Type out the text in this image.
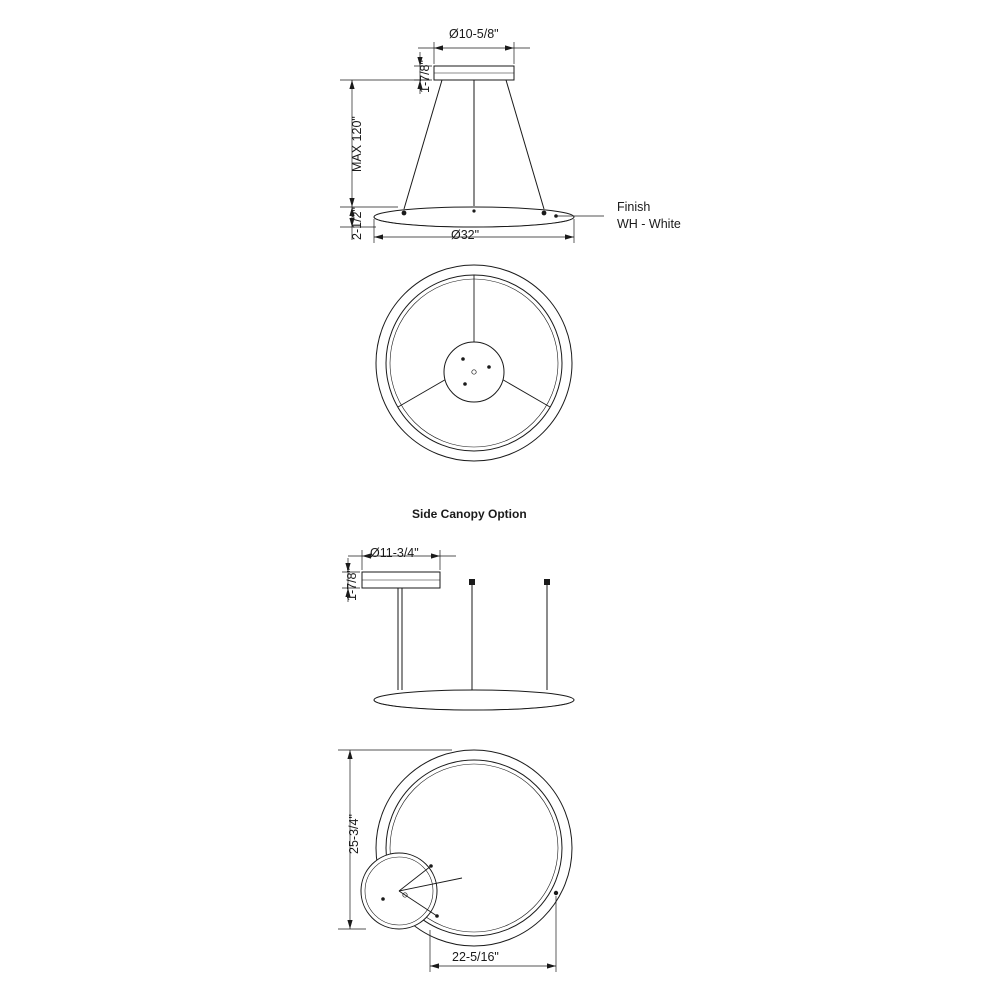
Ø10-5/8"
1-7/8"
MAX 120"
2-1/2"	Ø32"
Finish
WH - White
Side Canopy Option
Ø11-3/4"
1-7/8"
25-3/4"
22-5/16"
